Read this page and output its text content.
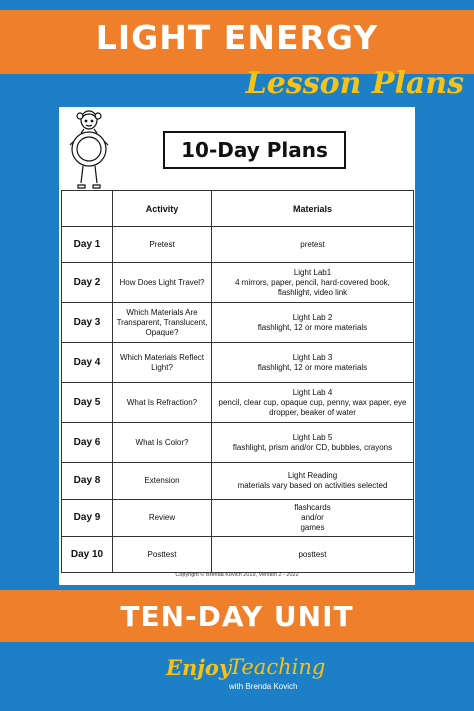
LIGHT ENERGY
Lesson Plans
10-Day Plans
	Activity	Materials
Day 1	Pretest	pretest
Day 2	How Does Light Travel?	Light Lab1
4 mirrors, paper, pencil, hard-covered book,
flashlight, video link
Day 3	Which Materials Are
Transparent, Translucent,
Opaque?	Light Lab 2
flashlight, 12 or more materials
Day 4	Which Materials Reflect
Light?	Light Lab 3
flashlight, 12 or more materials
Day 5	What Is Refraction?	Light Lab 4
pencil, clear cup, opaque cup, penny, wax paper, eye
dropper, beaker of water
Day 6	What Is Color?	Light Lab 5
flashlight, prism and/or CD, bubbles, crayons
Day 8	Extension	Light Reading
materials vary based on activities selected
Day 9	Review	flashcards
and/or
games
Day 10	Posttest	posttest
Copyright © Brenda Kovich 2019, Version 2 - 2022
TEN-DAY UNIT
Enjoy
Teaching
with Brenda Kovich
